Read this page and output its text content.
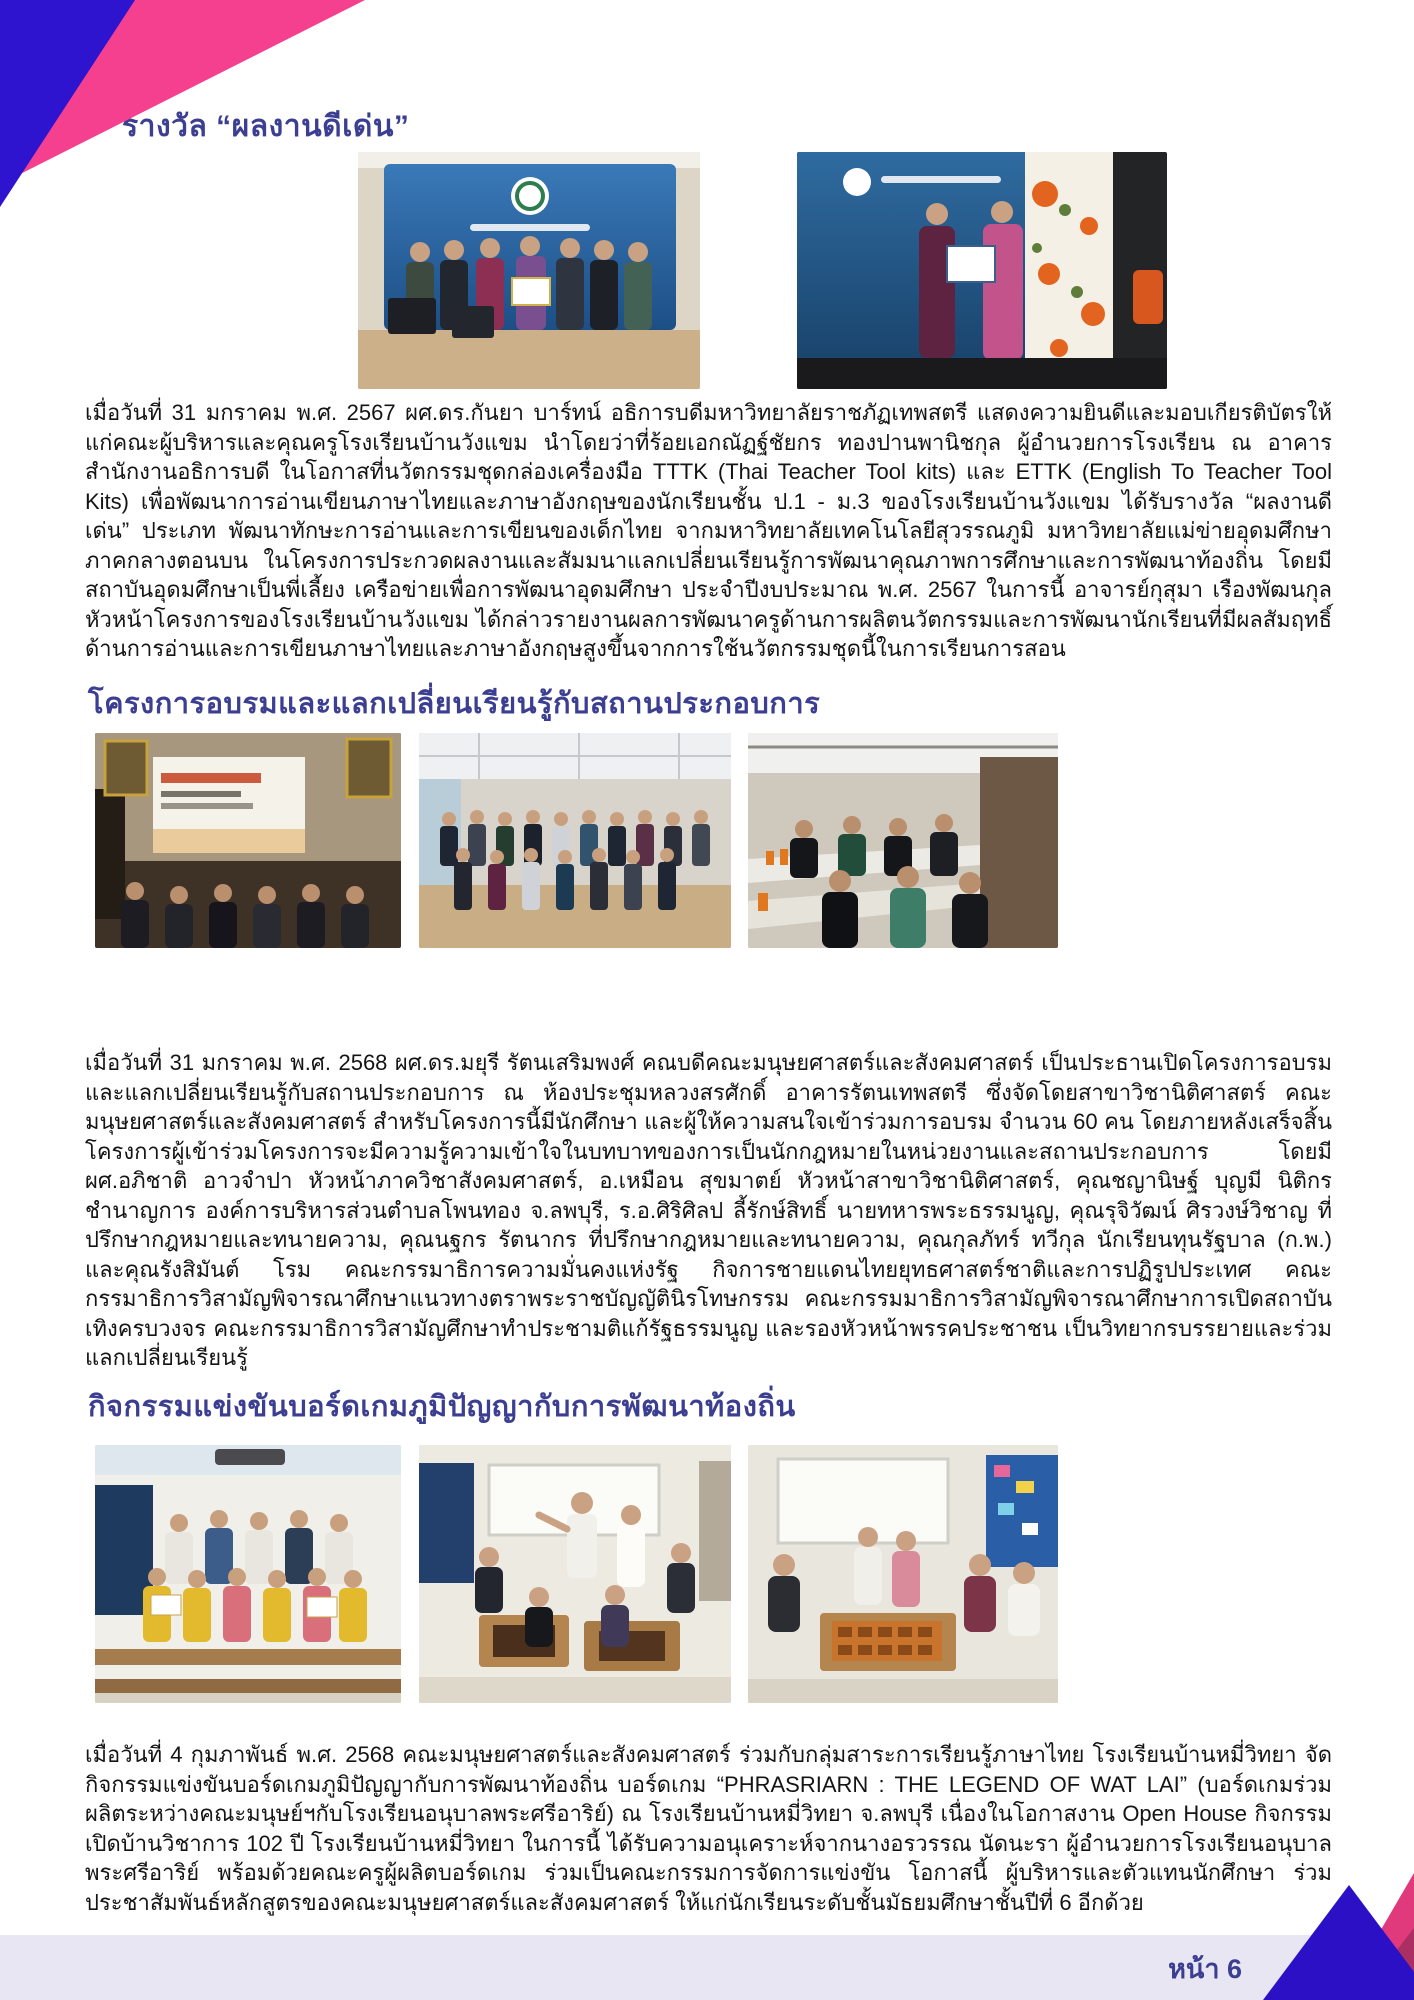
รางวัล “ผลงานดีเด่น”

เมื่อวันที่ 31 มกราคม พ.ศ. 2567 ผศ.ดร.กันยา บาร์ทน์ อธิการบดีมหาวิทยาลัยราชภัฏเทพสตรี แสดงความยินดีและมอบเกียรติบัตรให้แก่คณะผู้บริหารและคุณครูโรงเรียนบ้านวังแขม นำโดยว่าที่ร้อยเอกณัฏฐ์ชัยกร ทองปานพานิชกุล ผู้อำนวยการโรงเรียน ณ อาคารสำนักงานอธิการบดี ในโอกาสที่นวัตกรรมชุดกล่องเครื่องมือ TTTK (Thai Teacher Tool kits) และ ETTK (English To Teacher Tool Kits) เพื่อพัฒนาการอ่านเขียนภาษาไทยและภาษาอังกฤษของนักเรียนชั้น ป.1 - ม.3 ของโรงเรียนบ้านวังแขม ได้รับรางวัล “ผลงานดีเด่น” ประเภท พัฒนาทักษะการอ่านและการเขียนของเด็กไทย จากมหาวิทยาลัยเทคโนโลยีสุวรรณภูมิ มหาวิทยาลัยแม่ข่ายอุดมศึกษาภาคกลางตอนบน ในโครงการประกวดผลงานและสัมมนาแลกเปลี่ยนเรียนรู้การพัฒนาคุณภาพการศึกษาและการพัฒนาท้องถิ่น โดยมีสถาบันอุดมศึกษาเป็นพี่เลี้ยง เครือข่ายเพื่อการพัฒนาอุดมศึกษา ประจำปีงบประมาณ พ.ศ. 2567 ในการนี้ อาจารย์กุสุมา เรืองพัฒนกุล หัวหน้าโครงการของโรงเรียนบ้านวังแขม ได้กล่าวรายงานผลการพัฒนาครูด้านการผลิตนวัตกรรมและการพัฒนานักเรียนที่มีผลสัมฤทธิ์ด้านการอ่านและการเขียนภาษาไทยและภาษาอังกฤษสูงขึ้นจากการใช้นวัตกรรมชุดนี้ในการเรียนการสอน

โครงการอบรมและแลกเปลี่ยนเรียนรู้กับสถานประกอบการ

เมื่อวันที่ 31 มกราคม พ.ศ. 2568 ผศ.ดร.มยุรี รัตนเสริมพงศ์ คณบดีคณะมนุษยศาสตร์และสังคมศาสตร์ เป็นประธานเปิดโครงการอบรมและแลกเปลี่ยนเรียนรู้กับสถานประกอบการ ณ ห้องประชุมหลวงสรศักดิ์ อาคารรัตนเทพสตรี ซึ่งจัดโดยสาขาวิชานิติศาสตร์ คณะมนุษยศาสตร์และสังคมศาสตร์ สำหรับโครงการนี้มีนักศึกษา และผู้ให้ความสนใจเข้าร่วมการอบรม จำนวน 60 คน โดยภายหลังเสร็จสิ้นโครงการผู้เข้าร่วมโครงการจะมีความรู้ความเข้าใจในบทบาทของการเป็นนักกฎหมายในหน่วยงานและสถานประกอบการ โดยมี ผศ.อภิชาติ อาวจำปา หัวหน้าภาควิชาสังคมศาสตร์, อ.เหมือน สุขมาตย์ หัวหน้าสาขาวิชานิติศาสตร์, คุณชญานิษฐ์ บุญมี นิติกร ชำนาญการ องค์การบริหารส่วนตำบลโพนทอง จ.ลพบุรี, ร.อ.ศิริศิลป ลี้รักษ์สิทธิ์ นายทหารพระธรรมนูญ, คุณรุจิวัฒน์ ศิรวงษ์วิชาญ ที่ปรึกษากฎหมายและทนายความ, คุณนฐกร รัตนากร ที่ปรึกษากฎหมายและทนายความ, คุณกุลภัทร์ ทวีกุล นักเรียนทุนรัฐบาล (ก.พ.) และคุณรังสิมันต์ โรม คณะกรรมาธิการความมั่นคงแห่งรัฐ กิจการชายแดนไทยยุทธศาสตร์ชาติและการปฏิรูปประเทศ คณะกรรมาธิการวิสามัญพิจารณาศึกษาแนวทางตราพระราชบัญญัตินิรโทษกรรม คณะกรรมมาธิการวิสามัญพิจารณาศึกษาการเปิดสถาบันเทิงครบวงจร คณะกรรมาธิการวิสามัญศึกษาทำประชามติแก้รัฐธรรมนูญ และรองหัวหน้าพรรคประชาชน เป็นวิทยากรบรรยายและร่วมแลกเปลี่ยนเรียนรู้

กิจกรรมแข่งขันบอร์ดเกมภูมิปัญญากับการพัฒนาท้องถิ่น

เมื่อวันที่ 4 กุมภาพันธ์ พ.ศ. 2568 คณะมนุษยศาสตร์และสังคมศาสตร์ ร่วมกับกลุ่มสาระการเรียนรู้ภาษาไทย โรงเรียนบ้านหมี่วิทยา จัดกิจกรรมแข่งขันบอร์ดเกมภูมิปัญญากับการพัฒนาท้องถิ่น บอร์ดเกม “PHRASRIARN : THE LEGEND OF WAT LAI” (บอร์ดเกมร่วมผลิตระหว่างคณะมนุษย์ฯกับโรงเรียนอนุบาลพระศรีอาริย์) ณ โรงเรียนบ้านหมี่วิทยา จ.ลพบุรี เนื่องในโอกาสงาน Open House กิจกรรมเปิดบ้านวิชาการ 102 ปี โรงเรียนบ้านหมี่วิทยา ในการนี้ ได้รับความอนุเคราะห์จากนางอรวรรณ นัดนะรา ผู้อำนวยการโรงเรียนอนุบาลพระศรีอาริย์ พร้อมด้วยคณะครูผู้ผลิตบอร์ดเกม ร่วมเป็นคณะกรรมการจัดการแข่งขัน โอกาสนี้ ผู้บริหารและตัวแทนนักศึกษา ร่วมประชาสัมพันธ์หลักสูตรของคณะมนุษยศาสตร์และสังคมศาสตร์ ให้แก่นักเรียนระดับชั้นมัธยมศึกษาชั้นปีที่ 6 อีกด้วย

หน้า 6
